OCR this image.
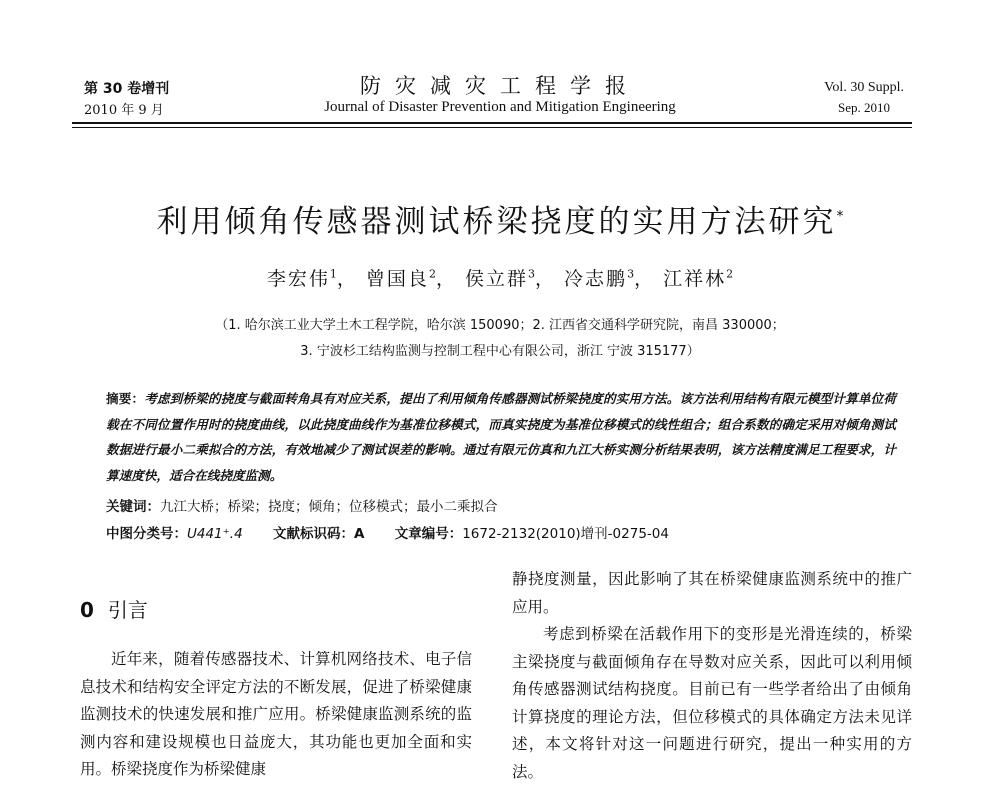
第 30 卷增刊
2010 年 9 月
防灾减灾工程学报
Journal of Disaster Prevention and Mitigation Engineering
Vol. 30 Suppl.
Sep. 2010
利用倾角传感器测试桥梁挠度的实用方法研究*
李宏伟$^1$， 曾国良$^2$， 侯立群$^3$， 冷志鹏$^3$， 江祥林$^2$
（1. 哈尔滨工业大学土木工程学院，哈尔滨 150090；2. 江西省交通科学研究院，南昌 330000；
3. 宁波杉工结构监测与控制工程中心有限公司，浙江 宁波 315177）
摘要：考虑到桥梁的挠度与截面转角具有对应关系，提出了利用倾角传感器测试桥梁挠度的实用方法。该方法利用结构有限元模型计算单位荷载在不同位置作用时的挠度曲线，以此挠度曲线作为基准位移模式，而真实挠度为基准位移模式的线性组合；组合系数的确定采用对倾角测试数据进行最小二乘拟合的方法，有效地减少了测试误差的影响。通过有限元仿真和九江大桥实测分析结果表明，该方法精度满足工程要求，计算速度快，适合在线挠度监测。
关键词：九江大桥；桥梁；挠度；倾角；位移模式；最小二乘拟合
中图分类号：U441⁺.4 文献标识码：A 文章编号：1672-2132(2010)增刊-0275-04
0 引言

近年来，随着传感器技术、计算机网络技术、电子信息技术和结构安全评定方法的不断发展，促进了桥梁健康监测技术的快速发展和推广应用。桥梁健康监测系统的监测内容和建设规模也日益庞大，其功能也更加全面和实用。桥梁挠度作为桥梁健康

静挠度测量，因此影响了其在桥梁健康监测系统中的推广应用。

考虑到桥梁在活载作用下的变形是光滑连续的，桥梁主梁挠度与截面倾角存在导数对应关系，因此可以利用倾角传感器测试结构挠度。目前已有一些学者给出了由倾角计算挠度的理论方法，但位移模式的具体确定方法未见详述，本文将针对这一问题进行研究，提出一种实用的方法。
